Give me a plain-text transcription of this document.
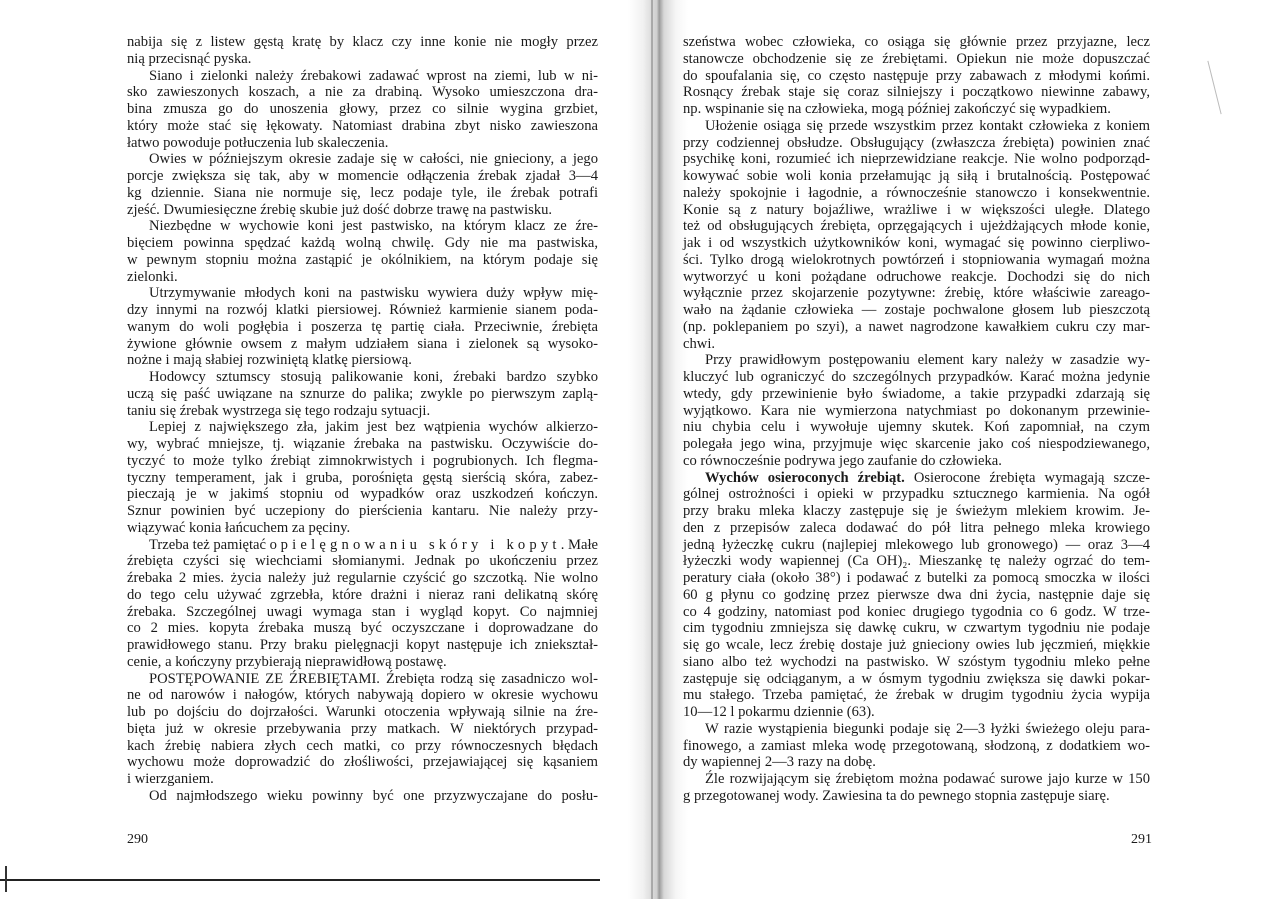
nabija się z listew gęstą kratę by klacz czy inne konie nie mogły przez
nią przecisnąć pyska.
Siano i zielonki należy źrebakowi zadawać wprost na ziemi, lub w ni-
sko zawieszonych koszach, a nie za drabiną. Wysoko umieszczona dra-
bina zmusza go do unoszenia głowy, przez co silnie wygina grzbiet,
który może stać się łękowaty. Natomiast drabina zbyt nisko zawieszona
łatwo powoduje potłuczenia lub skaleczenia.
Owies w późniejszym okresie zadaje się w całości, nie gnieciony, a jego
porcje zwiększa się tak, aby w momencie odłączenia źrebak zjadał 3—4
kg dziennie. Siana nie normuje się, lecz podaje tyle, ile źrebak potrafi
zjeść. Dwumiesięczne źrebię skubie już dość dobrze trawę na pastwisku.
Niezbędne w wychowie koni jest pastwisko, na którym klacz ze źre-
bięciem powinna spędzać każdą wolną chwilę. Gdy nie ma pastwiska,
w pewnym stopniu można zastąpić je okólnikiem, na którym podaje się
zielonki.
Utrzymywanie młodych koni na pastwisku wywiera duży wpływ mię-
dzy innymi na rozwój klatki piersiowej. Również karmienie sianem poda-
wanym do woli pogłębia i poszerza tę partię ciała. Przeciwnie, źrebięta
żywione głównie owsem z małym udziałem siana i zielonek są wysoko-
nożne i mają słabiej rozwiniętą klatkę piersiową.
Hodowcy sztumscy stosują palikowanie koni, źrebaki bardzo szybko
uczą się paść uwiązane na sznurze do palika; zwykle po pierwszym zaplą-
taniu się źrebak wystrzega się tego rodzaju sytuacji.
Lepiej z największego zła, jakim jest bez wątpienia wychów alkierzo-
wy, wybrać mniejsze, tj. wiązanie źrebaka na pastwisku. Oczywiście do-
tyczyć to może tylko źrebiąt zimnokrwistych i pogrubionych. Ich flegma-
tyczny temperament, jak i gruba, porośnięta gęstą sierścią skóra, zabez-
pieczają je w jakimś stopniu od wypadków oraz uszkodzeń kończyn.
Sznur powinien być uczepiony do pierścienia kantaru. Nie należy przy-
wiązywać konia łańcuchem za pęciny.
Trzeba też pamiętać o pielęgnowaniu skóry i kopyt. Małe
źrebięta czyści się wiechciami słomianymi. Jednak po ukończeniu przez
źrebaka 2 mies. życia należy już regularnie czyścić go szczotką. Nie wolno
do tego celu używać zgrzebła, które drażni i nieraz rani delikatną skórę
źrebaka. Szczególnej uwagi wymaga stan i wygląd kopyt. Co najmniej
co 2 mies. kopyta źrebaka muszą być oczyszczane i doprowadzane do
prawidłowego stanu. Przy braku pielęgnacji kopyt następuje ich zniekształ-
cenie, a kończyny przybierają nieprawidłową postawę.
POSTĘPOWANIE ZE ŹREBIĘTAMI. Źrebięta rodzą się zasadniczo wol-
ne od narowów i nałogów, których nabywają dopiero w okresie wychowu
lub po dojściu do dojrzałości. Warunki otoczenia wpływają silnie na źre-
bięta już w okresie przebywania przy matkach. W niektórych przypad-
kach źrebię nabiera złych cech matki, co przy równoczesnych błędach
wychowu może doprowadzić do złośliwości, przejawiającej się kąsaniem
i wierzganiem.
Od najmłodszego wieku powinny być one przyzwyczajane do posłu-
szeństwa wobec człowieka, co osiąga się głównie przez przyjazne, lecz
stanowcze obchodzenie się ze źrebiętami. Opiekun nie może dopuszczać
do spoufalania się, co często następuje przy zabawach z młodymi końmi.
Rosnący źrebak staje się coraz silniejszy i początkowo niewinne zabawy,
np. wspinanie się na człowieka, mogą później zakończyć się wypadkiem.
Ułożenie osiąga się przede wszystkim przez kontakt człowieka z koniem
przy codziennej obsłudze. Obsługujący (zwłaszcza źrebięta) powinien znać
psychikę koni, rozumieć ich nieprzewidziane reakcje. Nie wolno podporząd-
kowywać sobie woli konia przełamując ją siłą i brutalnością. Postępować
należy spokojnie i łagodnie, a równocześnie stanowczo i konsekwentnie.
Konie są z natury bojaźliwe, wrażliwe i w większości uległe. Dlatego
też od obsługujących źrebięta, oprzęgających i ujeżdżających młode konie,
jak i od wszystkich użytkowników koni, wymagać się powinno cierpliwo-
ści. Tylko drogą wielokrotnych powtórzeń i stopniowania wymagań można
wytworzyć u koni pożądane odruchowe reakcje. Dochodzi się do nich
wyłącznie przez skojarzenie pozytywne: źrebię, które właściwie zareago-
wało na żądanie człowieka — zostaje pochwalone głosem lub pieszczotą
(np. poklepaniem po szyi), a nawet nagrodzone kawałkiem cukru czy mar-
chwi.
Przy prawidłowym postępowaniu element kary należy w zasadzie wy-
kluczyć lub ograniczyć do szczególnych przypadków. Karać można jedynie
wtedy, gdy przewinienie było świadome, a takie przypadki zdarzają się
wyjątkowo. Kara nie wymierzona natychmiast po dokonanym przewinie-
niu chybia celu i wywołuje ujemny skutek. Koń zapomniał, na czym
polegała jego wina, przyjmuje więc skarcenie jako coś niespodziewanego,
co równocześnie podrywa jego zaufanie do człowieka.
Wychów osieroconych źrebiąt. Osierocone źrebięta wymagają szcze-
gólnej ostrożności i opieki w przypadku sztucznego karmienia. Na ogół
przy braku mleka klaczy zastępuje się je świeżym mlekiem krowim. Je-
den z przepisów zaleca dodawać do pół litra pełnego mleka krowiego
jedną łyżeczkę cukru (najlepiej mlekowego lub gronowego) — oraz 3—4
łyżeczki wody wapiennej (Ca OH)₂. Mieszankę tę należy ogrzać do tem-
peratury ciała (około 38°) i podawać z butelki za pomocą smoczka w ilości
60 g płynu co godzinę przez pierwsze dwa dni życia, następnie daje się
co 4 godziny, natomiast pod koniec drugiego tygodnia co 6 godz. W trze-
cim tygodniu zmniejsza się dawkę cukru, w czwartym tygodniu nie podaje
się go wcale, lecz źrebię dostaje już gnieciony owies lub jęczmień, miękkie
siano albo też wychodzi na pastwisko. W szóstym tygodniu mleko pełne
zastępuje się odciąganym, a w ósmym tygodniu zwiększa się dawki pokar-
mu stałego. Trzeba pamiętać, że źrebak w drugim tygodniu życia wypija
10—12 l pokarmu dziennie (63).
W razie wystąpienia biegunki podaje się 2—3 łyżki świeżego oleju para-
finowego, a zamiast mleka wodę przegotowaną, słodzoną, z dodatkiem wo-
dy wapiennej 2—3 razy na dobę.
Źle rozwijającym się źrebiętom można podawać surowe jajo kurze w 150
g przegotowanej wody. Zawiesina ta do pewnego stopnia zastępuje siarę.
290	291
